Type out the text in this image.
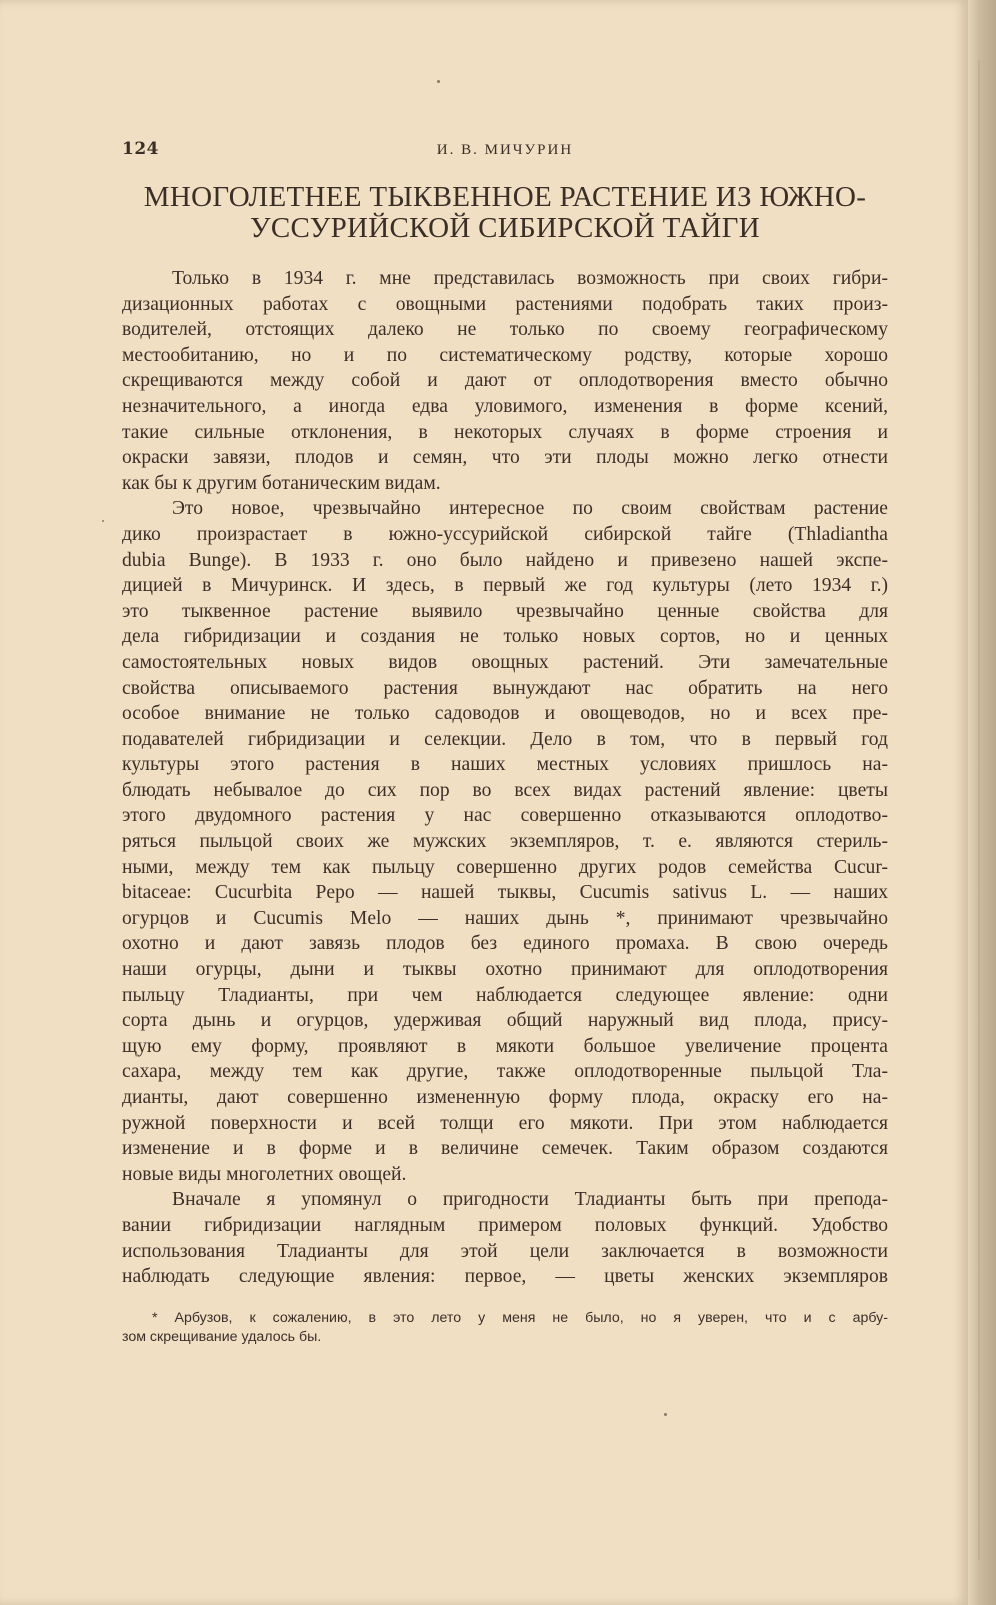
124	И. В. МИЧУРИН
МНОГОЛЕТНЕЕ ТЫКВЕННОЕ РАСТЕНИЕ ИЗ ЮЖНО-
УССУРИЙСКОЙ СИБИРСКОЙ ТАЙГИ
Только в 1934 г. мне представилась возможность при своих гибри-
дизационных работах с овощными растениями подобрать таких произ-
водителей, отстоящих далеко не только по своему географическому
местообитанию, но и по систематическому родству, которые хорошо
скрещиваются между собой и дают от оплодотворения вместо обычно
незначительного, а иногда едва уловимого, изменения в форме ксений,
такие сильные отклонения, в некоторых случаях в форме строения и
окраски завязи, плодов и семян, что эти плоды можно легко отнести
как бы к другим ботаническим видам.
Это новое, чрезвычайно интересное по своим свойствам растение
дико произрастает в южно-уссурийской сибирской тайге (Thladiantha
dubia Bunge). В 1933 г. оно было найдено и привезено нашей экспе-
дицией в Мичуринск. И здесь, в первый же год культуры (лето 1934 г.)
это тыквенное растение выявило чрезвычайно ценные свойства для
дела гибридизации и создания не только новых сортов, но и ценных
самостоятельных новых видов овощных растений. Эти замечательные
свойства описываемого растения вынуждают нас обратить на него
особое внимание не только садоводов и овощеводов, но и всех пре-
подавателей гибридизации и селекции. Дело в том, что в первый год
культуры этого растения в наших местных условиях пришлось на-
блюдать небывалое до сих пор во всех видах растений явление: цветы
этого двудомного растения у нас совершенно отказываются оплодотво-
ряться пыльцой своих же мужских экземпляров, т. е. являются стериль-
ными, между тем как пыльцу совершенно других родов семейства Cucur-
bitaceae: Cucurbita Pepo — нашей тыквы, Cucumis sativus L. — наших
огурцов и Cucumis Melo — наших дынь *, принимают чрезвычайно
охотно и дают завязь плодов без единого промаха. В свою очередь
наши огурцы, дыни и тыквы охотно принимают для оплодотворения
пыльцу Тладианты, при чем наблюдается следующее явление: одни
сорта дынь и огурцов, удерживая общий наружный вид плода, прису-
щую ему форму, проявляют в мякоти большое увеличение процента
сахара, между тем как другие, также оплодотворенные пыльцой Тла-
дианты, дают совершенно измененную форму плода, окраску его на-
ружной поверхности и всей толщи его мякоти. При этом наблюдается
изменение и в форме и в величине семечек. Таким образом создаются
новые виды многолетних овощей.
Вначале я упомянул о пригодности Тладианты быть при препода-
вании гибридизации наглядным примером половых функций. Удобство
использования Тладианты для этой цели заключается в возможности
наблюдать следующие явления: первое, — цветы женских экземпляров
* Арбузов, к сожалению, в это лето у меня не было, но я уверен, что и с арбу-
зом скрещивание удалось бы.
